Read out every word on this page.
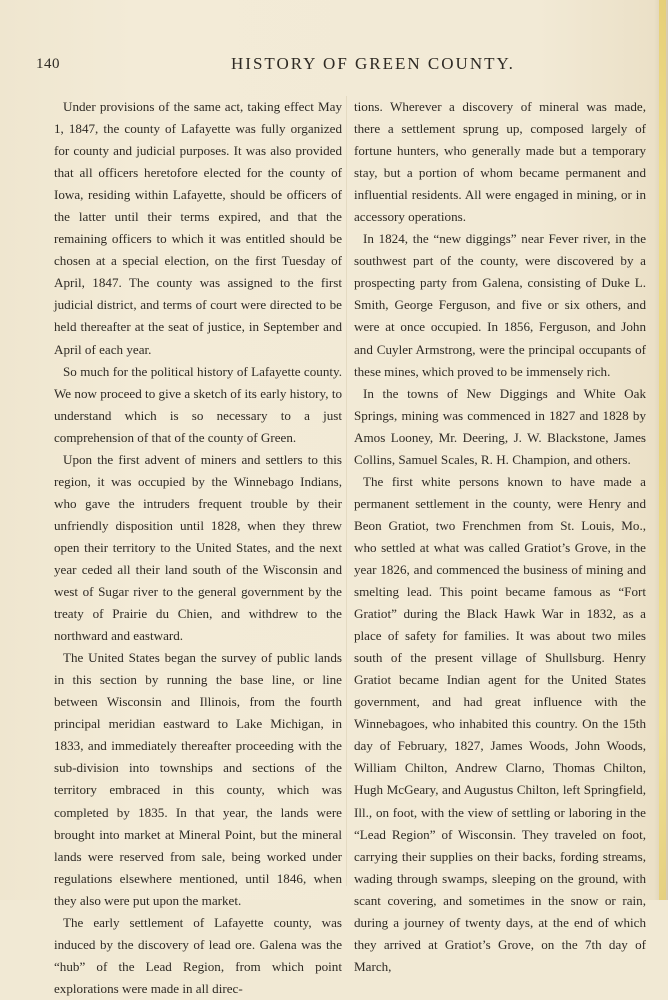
140	HISTORY OF GREEN COUNTY.

Under provisions of the same act, taking effect May 1, 1847, the county of Lafayette was fully organized for county and judicial purposes. It was also provided that all officers heretofore elected for the county of Iowa, residing within Lafayette, should be officers of the latter until their terms expired, and that the remaining officers to which it was entitled should be chosen at a special election, on the first Tuesday of April, 1847. The county was assigned to the first judicial district, and terms of court were directed to be held thereafter at the seat of justice, in September and April of each year.

So much for the political history of Lafayette county. We now proceed to give a sketch of its early history, to understand which is so necessary to a just comprehension of that of the county of Green.

Upon the first advent of miners and settlers to this region, it was occupied by the Winnebago Indians, who gave the intruders frequent trouble by their unfriendly disposition until 1828, when they threw open their territory to the United States, and the next year ceded all their land south of the Wisconsin and west of Sugar river to the general government by the treaty of Prairie du Chien, and withdrew to the northward and eastward.

The United States began the survey of public lands in this section by running the base line, or line between Wisconsin and Illinois, from the fourth principal meridian eastward to Lake Michigan, in 1833, and immediately thereafter proceeding with the sub-division into townships and sections of the territory embraced in this county, which was completed by 1835. In that year, the lands were brought into market at Mineral Point, but the mineral lands were reserved from sale, being worked under regulations elsewhere mentioned, until 1846, when they also were put upon the market.

The early settlement of Lafayette county, was induced by the discovery of lead ore. Galena was the “hub” of the Lead Region, from which point explorations were made in all direc-

tions. Wherever a discovery of mineral was made, there a settlement sprung up, composed largely of fortune hunters, who generally made but a temporary stay, but a portion of whom became permanent and influential residents. All were engaged in mining, or in accessory operations.

In 1824, the “new diggings” near Fever river, in the southwest part of the county, were discovered by a prospecting party from Galena, consisting of Duke L. Smith, George Ferguson, and five or six others, and were at once occupied. In 1856, Ferguson, and John and Cuyler Armstrong, were the principal occupants of these mines, which proved to be immensely rich.

In the towns of New Diggings and White Oak Springs, mining was commenced in 1827 and 1828 by Amos Looney, Mr. Deering, J. W. Blackstone, James Collins, Samuel Scales, R. H. Champion, and others.

The first white persons known to have made a permanent settlement in the county, were Henry and Beon Gratiot, two Frenchmen from St. Louis, Mo., who settled at what was called Gratiot’s Grove, in the year 1826, and commenced the business of mining and smelting lead. This point became famous as “Fort Gratiot” during the Black Hawk War in 1832, as a place of safety for families. It was about two miles south of the present village of Shullsburg. Henry Gratiot became Indian agent for the United States government, and had great influence with the Winnebagoes, who inhabited this country. On the 15th day of February, 1827, James Woods, John Woods, William Chilton, Andrew Clarno, Thomas Chilton, Hugh McGeary, and Augustus Chilton, left Springfield, Ill., on foot, with the view of settling or laboring in the “Lead Region” of Wisconsin. They traveled on foot, carrying their supplies on their backs, fording streams, wading through swamps, sleeping on the ground, with scant covering, and sometimes in the snow or rain, during a journey of twenty days, at the end of which they arrived at Gratiot’s Grove, on the 7th day of March,
